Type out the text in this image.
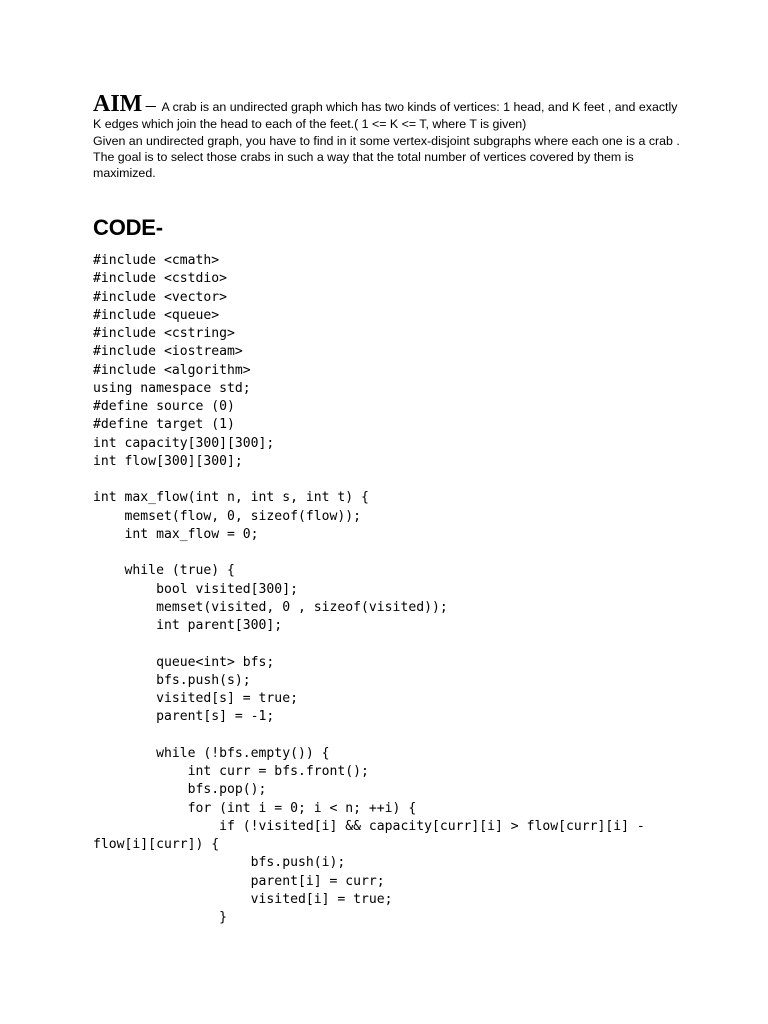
AIM – A crab is an undirected graph which has two kinds of vertices: 1 head, and K feet , and exactly K edges which join the head to each of the feet.( 1 <= K <= T, where T is given)

Given an undirected graph, you have to find in it some vertex-disjoint subgraphs where each one is a crab . The goal is to select those crabs in such a way that the total number of vertices covered by them is maximized.

CODE-
#include <cmath>
#include <cstdio>
#include <vector>
#include <queue>
#include <cstring>
#include <iostream>
#include <algorithm>
using namespace std;
#define source (0)
#define target (1)
int capacity[300][300];
int flow[300][300];
int max_flow(int n, int s, int t) {
memset(flow, 0, sizeof(flow));
int max_flow = 0;
while (true) {
bool visited[300];
memset(visited, 0 , sizeof(visited));
int parent[300];
queue<int> bfs;
bfs.push(s);
visited[s] = true;
parent[s] = -1;
while (!bfs.empty()) {
int curr = bfs.front();
bfs.pop();
for (int i = 0; i < n; ++i) {
if (!visited[i] && capacity[curr][i] > flow[curr][i] -
flow[i][curr]) {
bfs.push(i);
parent[i] = curr;
visited[i] = true;
}
